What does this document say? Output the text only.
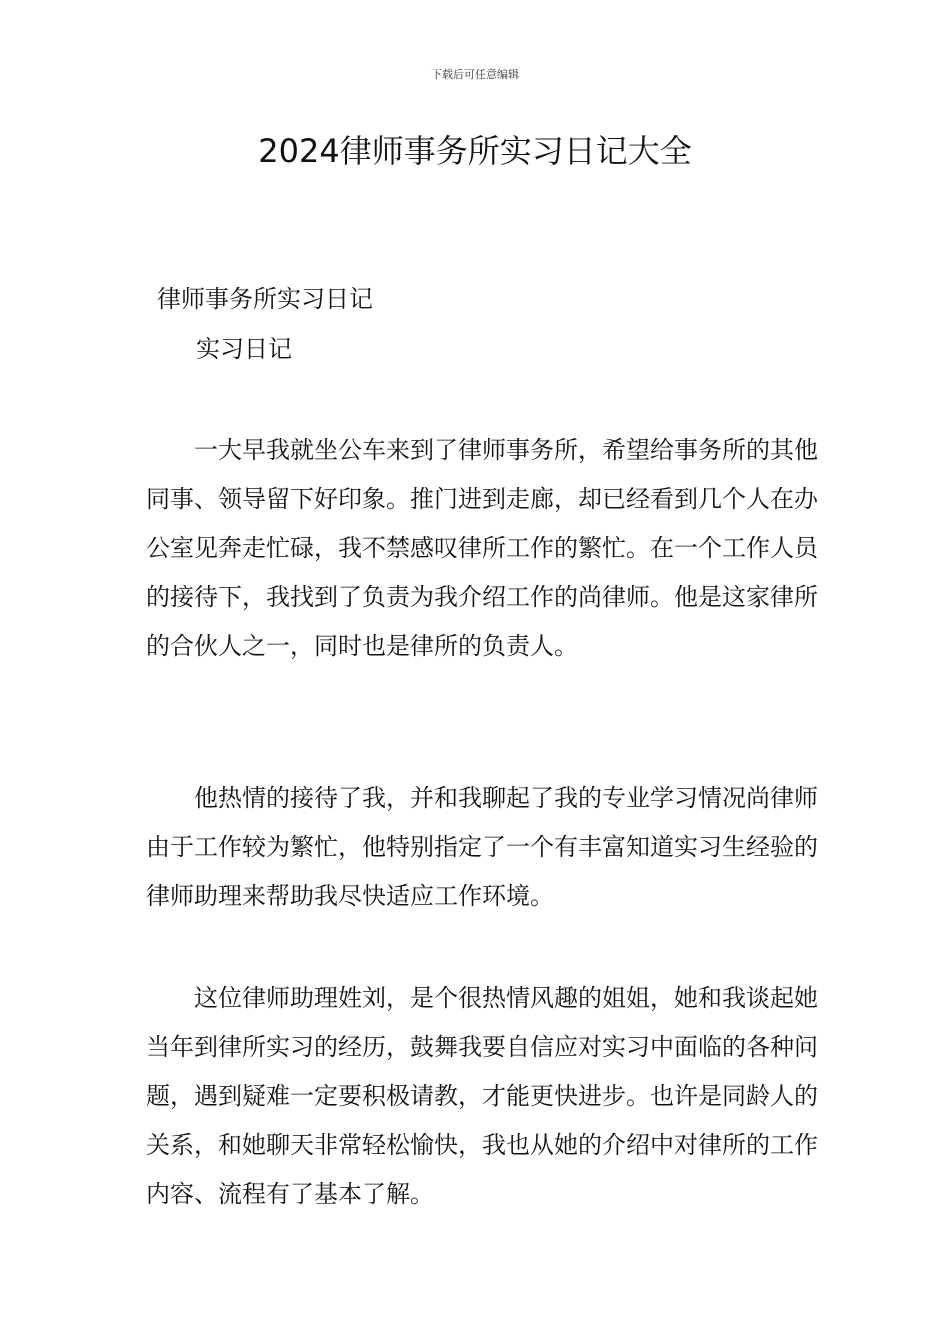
下载后可任意编辑
2024律师事务所实习日记大全

律师事务所实习日记

实习日记

一大早我就坐公车来到了律师事务所，希望给事务所的其他同事、领导留下好印象。推门进到走廊，却已经看到几个人在办公室见奔走忙碌，我不禁感叹律所工作的繁忙。在一个工作人员的接待下，我找到了负责为我介绍工作的尚律师。他是这家律所的合伙人之一，同时也是律所的负责人。

他热情的接待了我，并和我聊起了我的专业学习情况尚律师由于工作较为繁忙，他特别指定了一个有丰富知道实习生经验的律师助理来帮助我尽快适应工作环境。

这位律师助理姓刘，是个很热情风趣的姐姐，她和我谈起她当年到律所实习的经历，鼓舞我要自信应对实习中面临的各种问题，遇到疑难一定要积极请教，才能更快进步。也许是同龄人的关系，和她聊天非常轻松愉快，我也从她的介绍中对律所的工作内容、流程有了基本了解。
